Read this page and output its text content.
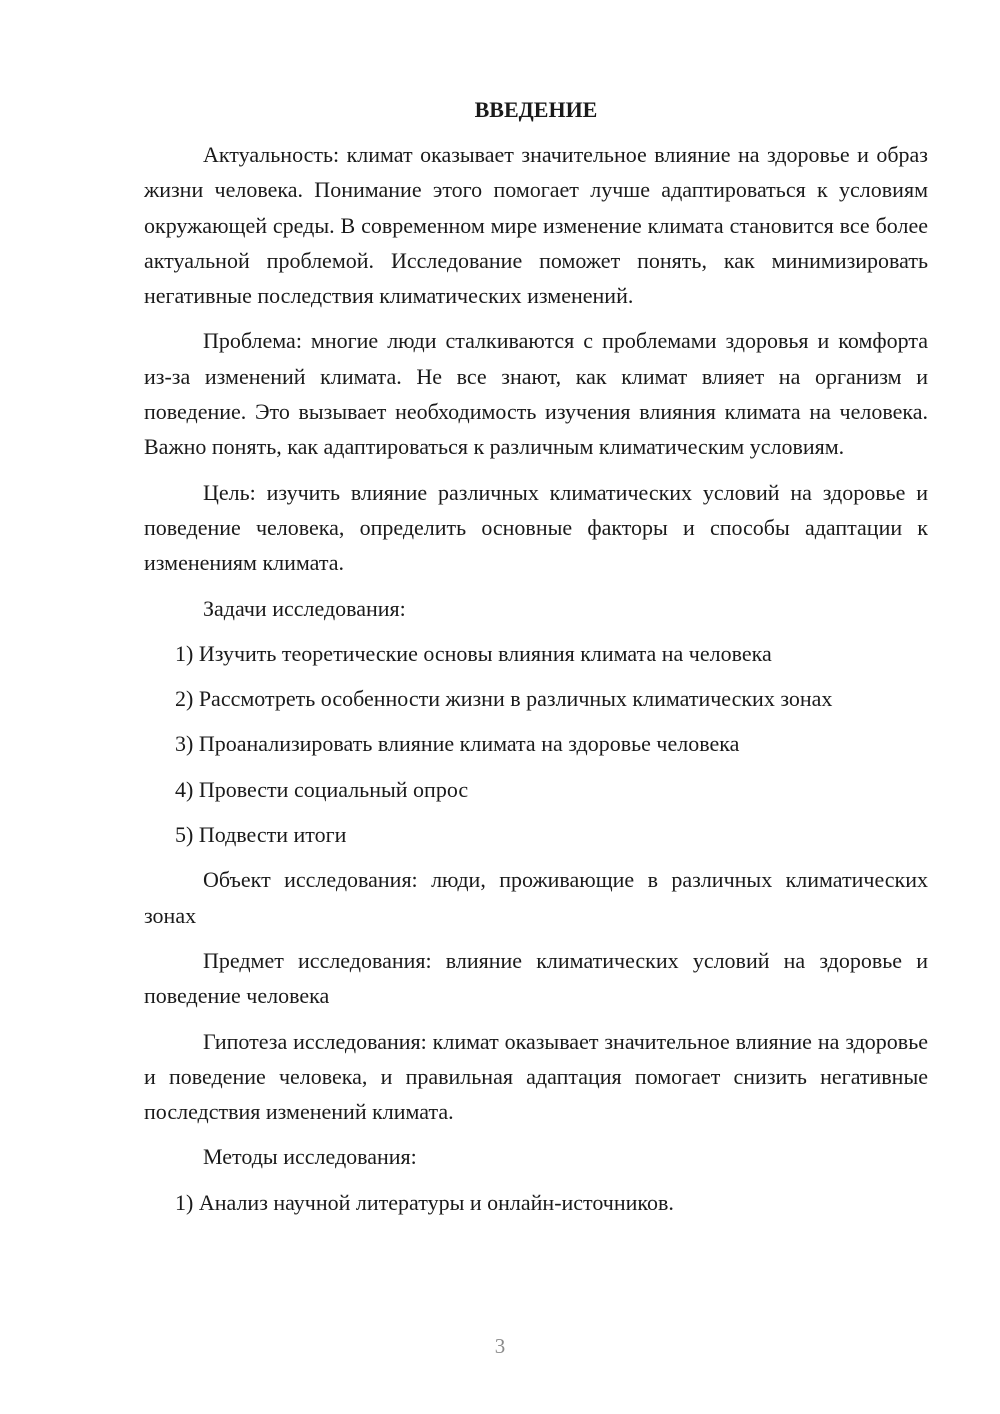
ВВЕДЕНИЕ

Актуальность: климат оказывает значительное влияние на здоровье и образ жизни человека. Понимание этого помогает лучше адаптироваться к условиям окружающей среды. В современном мире изменение климата становится все более актуальной проблемой. Исследование поможет понять, как минимизировать негативные последствия климатических изменений.

Проблема: многие люди сталкиваются с проблемами здоровья и комфорта из-за изменений климата. Не все знают, как климат влияет на организм и поведение. Это вызывает необходимость изучения влияния климата на человека. Важно понять, как адаптироваться к различным климатическим условиям.

Цель: изучить влияние различных климатических условий на здоровье и поведение человека, определить основные факторы и способы адаптации к изменениям климата.

Задачи исследования:

1) Изучить теоретические основы влияния климата на человека
2) Рассмотреть особенности жизни в различных климатических зонах
3) Проанализировать влияние климата на здоровье человека
4) Провести социальный опрос
5) Подвести итоги

Объект исследования: люди, проживающие в различных климатических зонах

Предмет исследования: влияние климатических условий на здоровье и поведение человека

Гипотеза исследования: климат оказывает значительное влияние на здоровье и поведение человека, и правильная адаптация помогает снизить негативные последствия изменений климата.

Методы исследования:

1) Анализ научной литературы и онлайн-источников.
3
